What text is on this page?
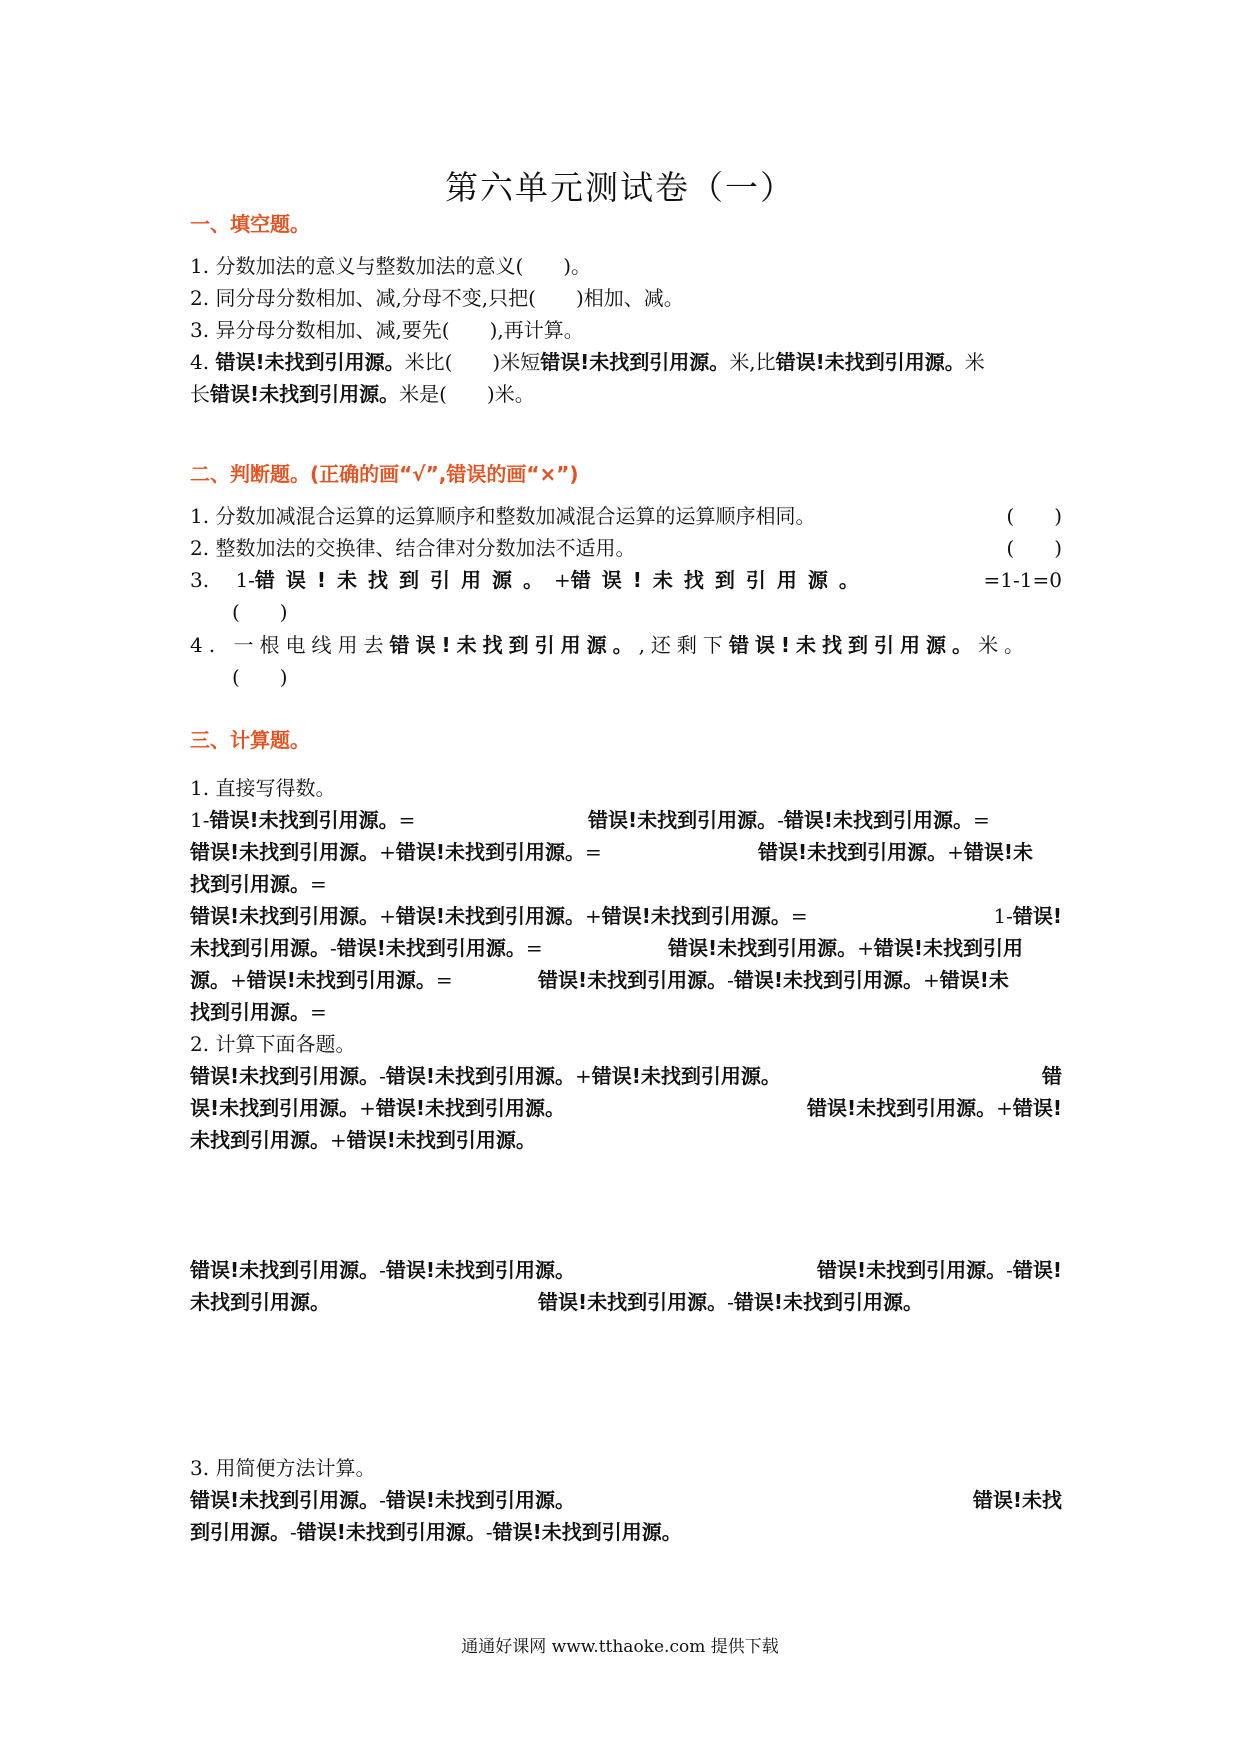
第六单元测试卷（一）
一、填空题。
1. 分数加法的意义与整数加法的意义(　　)。
2. 同分母分数相加、减,分母不变,只把(　　)相加、减。
3. 异分母分数相加、减,要先(　　),再计算。
4. 错误!未找到引用源。米比(　　)米短错误!未找到引用源。米,比错误!未找到引用源。米
长错误!未找到引用源。米是(　　)米。
二、判断题。(正确的画“√”,错误的画“×”)
1. 分数加减混合运算的运算顺序和整数加减混合运算的运算顺序相同。	(　　)
2. 整数加法的交换律、结合律对分数加法不适用。	(　　)
3.　 1-错误!未找到引用源。+错误!未找到引用源。	=1-1=0
(　　)
4. 一根电线用去错误!未找到引用源。,还剩下错误!未找到引用源。米。
(　　)
三、计算题。
1. 直接写得数。
1-错误!未找到引用源。=	错误!未找到引用源。-错误!未找到引用源。=
错误!未找到引用源。+错误!未找到引用源。=	错误!未找到引用源。+错误!未
找到引用源。=
错误!未找到引用源。+错误!未找到引用源。+错误!未找到引用源。=	1-错误!
未找到引用源。-错误!未找到引用源。=	错误!未找到引用源。+错误!未找到引用
源。+错误!未找到引用源。=	错误!未找到引用源。-错误!未找到引用源。+错误!未
找到引用源。=
2. 计算下面各题。
错误!未找到引用源。-错误!未找到引用源。+错误!未找到引用源。	错
误!未找到引用源。+错误!未找到引用源。	错误!未找到引用源。+错误!
未找到引用源。+错误!未找到引用源。
错误!未找到引用源。-错误!未找到引用源。	错误!未找到引用源。-错误!
未找到引用源。	错误!未找到引用源。-错误!未找到引用源。
3. 用简便方法计算。
错误!未找到引用源。-错误!未找到引用源。	错误!未找
到引用源。-错误!未找到引用源。-错误!未找到引用源。
通通好课网 www.tthaoke.com 提供下载
